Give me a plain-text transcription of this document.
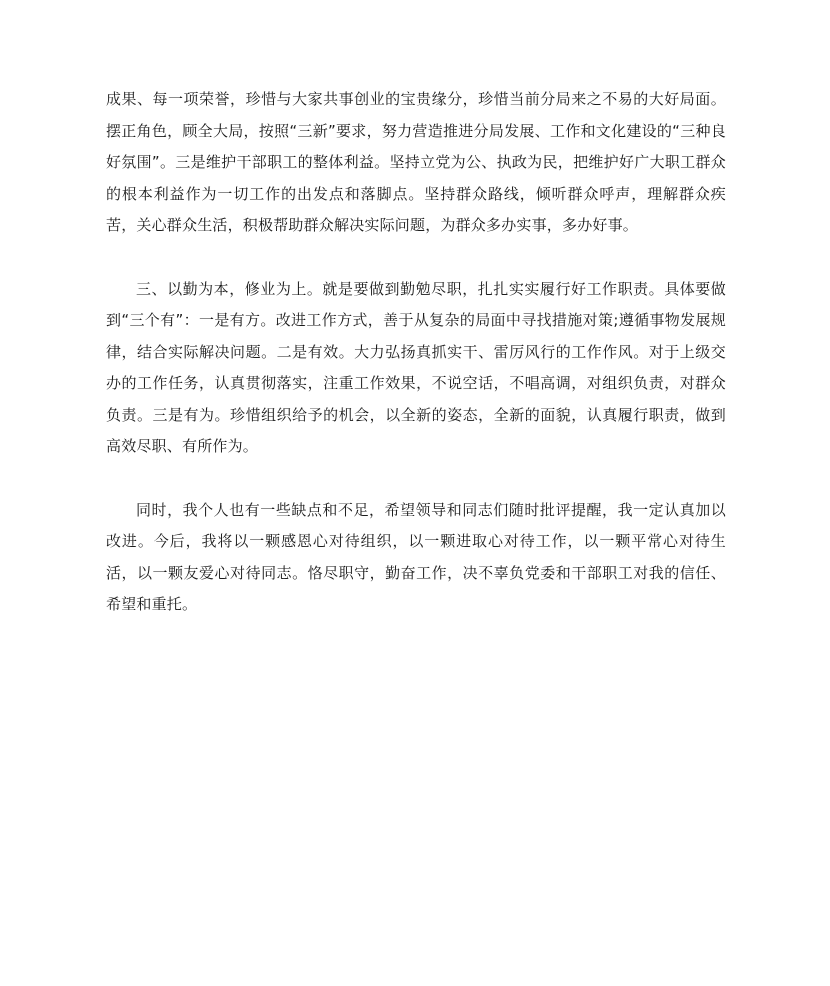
成果、每一项荣誉，珍惜与大家共事创业的宝贵缘分，珍惜当前分局来之不易的大好局面。摆正角色，顾全大局，按照“三新”要求，努力营造推进分局发展、工作和文化建设的“三种良好氛围”。三是维护干部职工的整体利益。坚持立党为公、执政为民，把维护好广大职工群众的根本利益作为一切工作的出发点和落脚点。坚持群众路线，倾听群众呼声，理解群众疾苦，关心群众生活，积极帮助群众解决实际问题，为群众多办实事，多办好事。

三、以勤为本，修业为上。就是要做到勤勉尽职，扎扎实实履行好工作职责。具体要做到“三个有”：一是有方。改进工作方式，善于从复杂的局面中寻找措施对策;遵循事物发展规律，结合实际解决问题。二是有效。大力弘扬真抓实干、雷厉风行的工作作风。对于上级交办的工作任务，认真贯彻落实，注重工作效果，不说空话，不唱高调，对组织负责，对群众负责。三是有为。珍惜组织给予的机会，以全新的姿态，全新的面貌，认真履行职责，做到高效尽职、有所作为。

同时，我个人也有一些缺点和不足，希望领导和同志们随时批评提醒，我一定认真加以改进。今后，我将以一颗感恩心对待组织，以一颗进取心对待工作，以一颗平常心对待生活，以一颗友爱心对待同志。恪尽职守，勤奋工作，决不辜负党委和干部职工对我的信任、希望和重托。
